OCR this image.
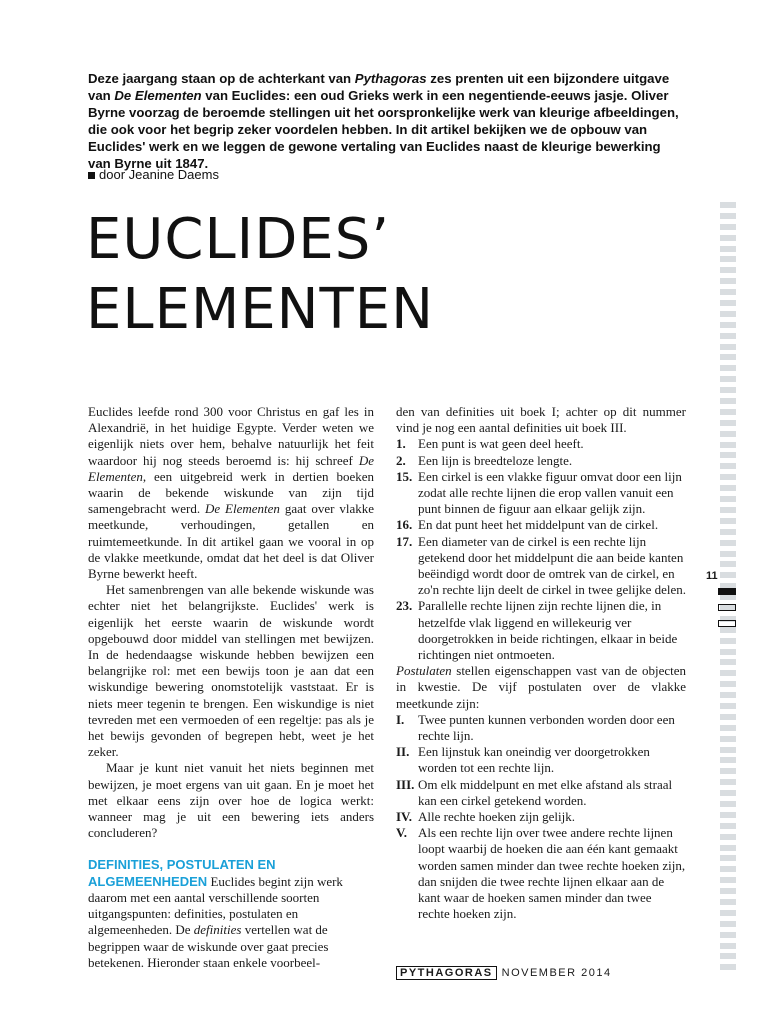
Deze jaargang staan op de achterkant van Pythagoras zes prenten uit een bijzondere uitgave van De Elementen van Euclides: een oud Grieks werk in een negentiende-eeuws jasje. Oliver Byrne voorzag de beroemde stellingen uit het oorspronkelijke werk van kleurige afbeeldingen, die ook voor het begrip zeker voordelen hebben. In dit artikel bekijken we de opbouw van Euclides' werk en we leggen de gewone vertaling van Euclides naast de kleurige bewerking van Byrne uit 1847.

door Jeanine Daems
EUCLIDES’
ELEMENTEN

Euclides leefde rond 300 voor Christus en gaf les in Alexandrië, in het huidige Egypte. Verder weten we eigenlijk niets over hem, behalve natuurlijk het feit waardoor hij nog steeds beroemd is: hij schreef De Elementen, een uitgebreid werk in dertien boeken waarin de bekende wiskunde van zijn tijd samengebracht werd. De Elementen gaat over vlakke meetkunde, verhoudingen, getallen en ruimtemeetkunde. In dit artikel gaan we vooral in op de vlakke meetkunde, omdat dat het deel is dat Oliver Byrne bewerkt heeft.

Het samenbrengen van alle bekende wiskunde was echter niet het belangrijkste. Euclides' werk is eigenlijk het eerste waarin de wiskunde wordt opgebouwd door middel van stellingen met bewijzen. In de hedendaagse wiskunde hebben bewijzen een belangrijke rol: met een bewijs toon je aan dat een wiskundige bewering onomstotelijk vaststaat. Er is niets meer tegenin te brengen. Een wiskundige is niet tevreden met een vermoeden of een regeltje: pas als je het bewijs gevonden of begrepen hebt, weet je het zeker.

Maar je kunt niet vanuit het niets beginnen met bewijzen, je moet ergens van uit gaan. En je moet het met elkaar eens zijn over hoe de logica werkt: wanneer mag je uit een bewering iets anders concluderen?

DEFINITIES, POSTULATEN EN ALGEMEENHEDEN Euclides begint zijn werk daarom met een aantal verschillende soorten uitgangspunten: definities, postulaten en algemeenheden. De definities vertellen wat de begrippen waar de wiskunde over gaat precies betekenen. Hieronder staan enkele voorbeel-

den van definities uit boek I; achter op dit nummer vind je nog een aantal definities uit boek III.

1. Een punt is wat geen deel heeft.
2. Een lijn is breedteloze lengte.
15. Een cirkel is een vlakke figuur omvat door een lijn zodat alle rechte lijnen die erop vallen vanuit een punt binnen de figuur aan elkaar gelijk zijn.
16. En dat punt heet het middelpunt van de cirkel.
17. Een diameter van de cirkel is een rechte lijn getekend door het middelpunt die aan beide kanten beëindigd wordt door de omtrek van de cirkel, en zo'n rechte lijn deelt de cirkel in twee gelijke delen.
23. Parallelle rechte lijnen zijn rechte lijnen die, in hetzelfde vlak liggend en willekeurig ver doorgetrokken in beide richtingen, elkaar in beide richtingen niet ontmoeten.

Postulaten stellen eigenschappen vast van de objecten in kwestie. De vijf postulaten over de vlakke meetkunde zijn:

I.	Twee punten kunnen verbonden worden door een rechte lijn.
II. Een lijnstuk kan oneindig ver doorgetrokken worden tot een rechte lijn.
III. Om elk middelpunt en met elke afstand als straal kan een cirkel getekend worden.
IV. Alle rechte hoeken zijn gelijk.
V. Als een rechte lijn over twee andere rechte lijnen loopt waarbij de hoeken die aan één kant gemaakt worden samen minder dan twee rechte hoeken zijn, dan snijden die twee rechte lijnen elkaar aan de kant waar de hoeken samen minder dan twee rechte hoeken zijn.
11
PYTHAGORAS NOVEMBER 2014
